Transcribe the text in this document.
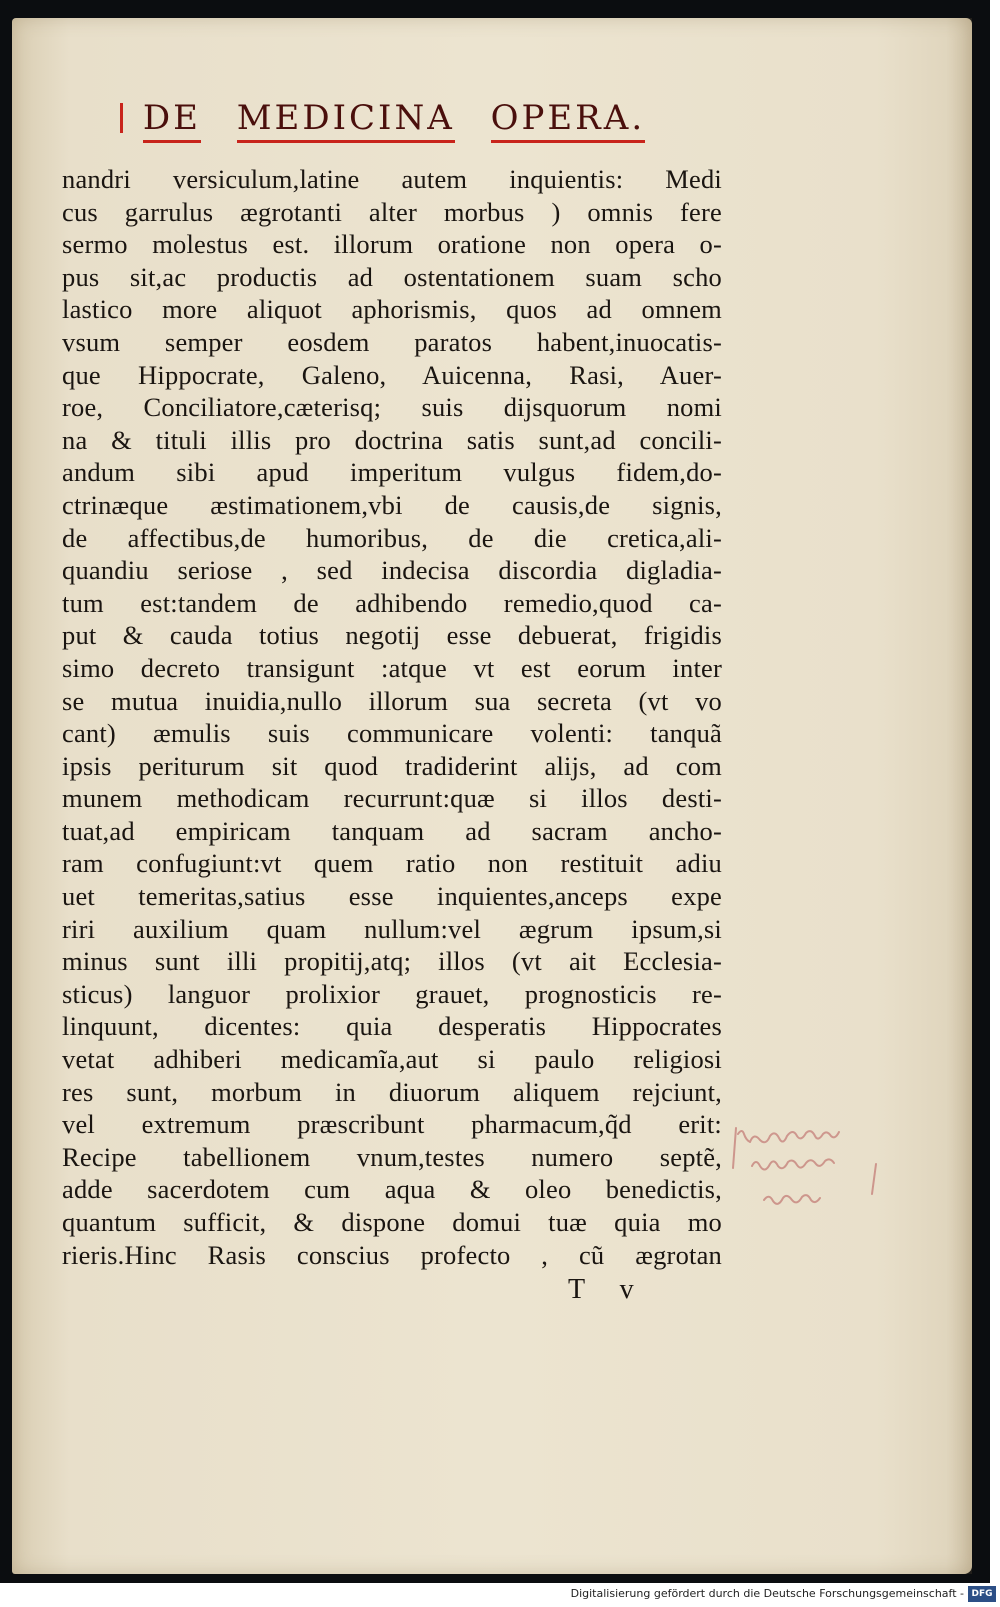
DE MEDICINA OPERA.
nandri versiculum,latine autem inquientis: Medi
cus garrulus ægrotanti alter morbus ) omnis fere
sermo molestus est. illorum oratione non opera o-
pus sit,ac productis ad ostentationem suam scho
lastico more aliquot aphorismis, quos ad omnem
vsum semper eosdem paratos habent,inuocatis-
que Hippocrate, Galeno, Auicenna, Rasi, Auer-
roe, Conciliatore,cæterisq; suis dijsquorum nomi
na & tituli illis pro doctrina satis sunt,ad concili-
andum sibi apud imperitum vulgus fidem,do-
ctrinæque æstimationem,vbi de causis,de signis,
de affectibus,de humoribus, de die cretica,ali-
quandiu seriose , sed indecisa discordia digladia-
tum est:tandem de adhibendo remedio,quod ca-
put & cauda totius negotij esse debuerat, frigidis
simo decreto transigunt :atque vt est eorum inter
se mutua inuidia,nullo illorum sua secreta (vt vo
cant) æmulis suis communicare volenti: tanquã
ipsis periturum sit quod tradiderint alijs, ad com
munem methodicam recurrunt:quæ si illos desti-
tuat,ad empiricam tanquam ad sacram ancho-
ram confugiunt:vt quem ratio non restituit adiu
uet temeritas,satius esse inquientes,anceps expe
riri auxilium quam nullum:vel ægrum ipsum,si
minus sunt illi propitij,atq; illos (vt ait Ecclesia-
sticus) languor prolixior grauet, prognosticis re-
linquunt, dicentes: quia desperatis Hippocrates
vetat adhiberi medicamĩa,aut si paulo religiosi
res sunt, morbum in diuorum aliquem rejciunt,
vel extremum præscribunt pharmacum,q̃d erit:
Recipe tabellionem vnum,testes numero septẽ,
adde sacerdotem cum aqua & oleo benedictis,
quantum sufficit, & dispone domui tuæ quia mo
rieris.Hinc Rasis conscius profecto , cũ ægrotan
T v
Digitalisierung gefördert durch die Deutsche Forschungsgemeinschaft - DFG
